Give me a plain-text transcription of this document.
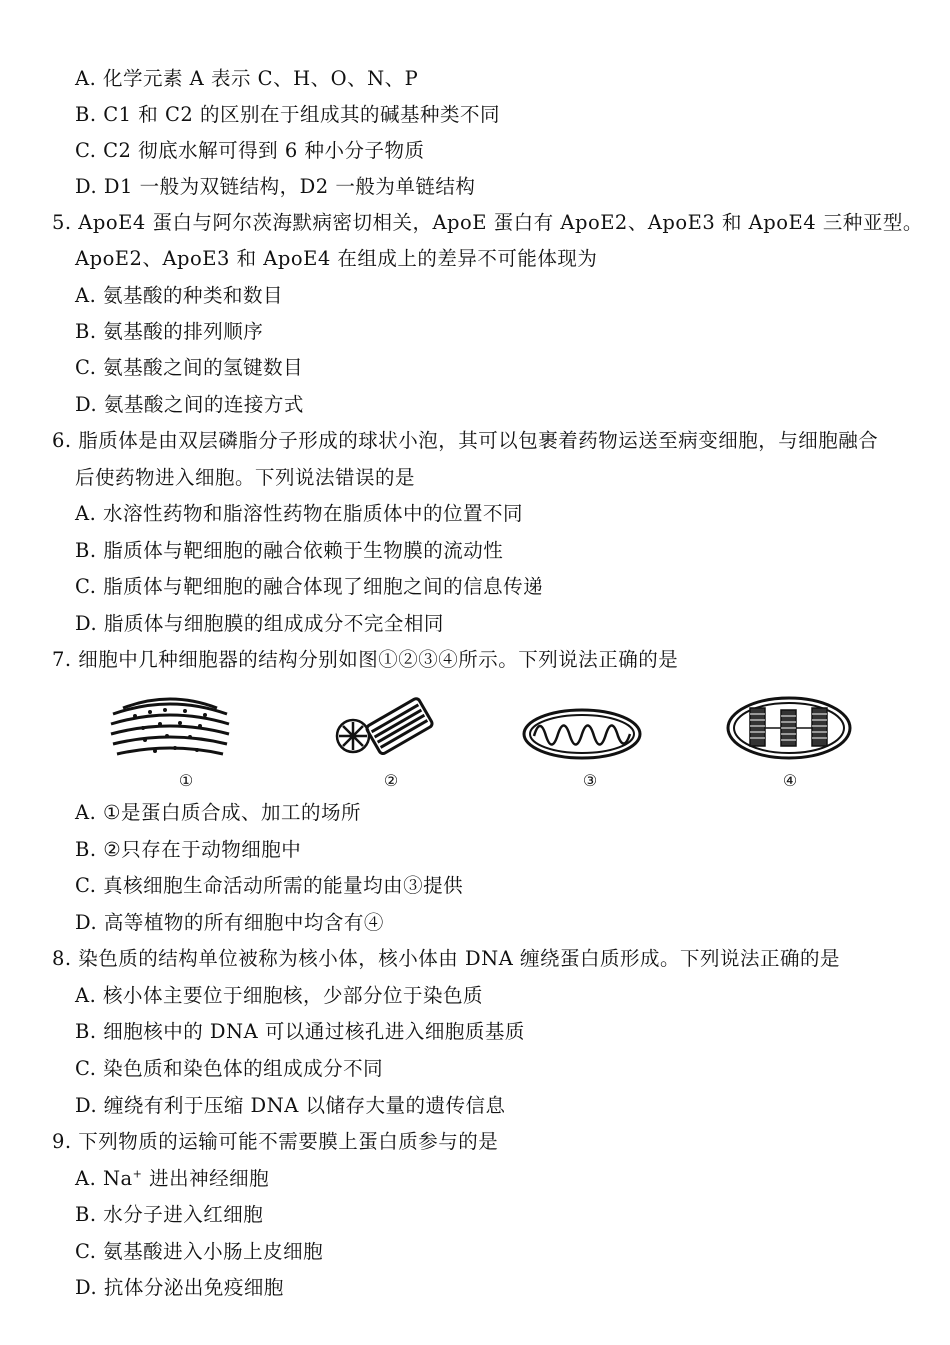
A. 化学元素 A 表示 C、H、O、N、P
B. C1 和 C2 的区别在于组成其的碱基种类不同
C. C2 彻底水解可得到 6 种小分子物质
D. D1 一般为双链结构，D2 一般为单链结构
5. ApoE4 蛋白与阿尔茨海默病密切相关，ApoE 蛋白有 ApoE2、ApoE3 和 ApoE4 三种亚型。
ApoE2、ApoE3 和 ApoE4 在组成上的差异不可能体现为
A. 氨基酸的种类和数目
B. 氨基酸的排列顺序
C. 氨基酸之间的氢键数目
D. 氨基酸之间的连接方式
6. 脂质体是由双层磷脂分子形成的球状小泡，其可以包裹着药物运送至病变细胞，与细胞融合
后使药物进入细胞。下列说法错误的是
A. 水溶性药物和脂溶性药物在脂质体中的位置不同
B. 脂质体与靶细胞的融合依赖于生物膜的流动性
C. 脂质体与靶细胞的融合体现了细胞之间的信息传递
D. 脂质体与细胞膜的组成成分不完全相同
7. 细胞中几种细胞器的结构分别如图①②③④所示。下列说法正确的是
①	②	③	④
A. ①是蛋白质合成、加工的场所
B. ②只存在于动物细胞中
C. 真核细胞生命活动所需的能量均由③提供
D. 高等植物的所有细胞中均含有④
8. 染色质的结构单位被称为核小体，核小体由 DNA 缠绕蛋白质形成。下列说法正确的是
A. 核小体主要位于细胞核，少部分位于染色质
B. 细胞核中的 DNA 可以通过核孔进入细胞质基质
C. 染色质和染色体的组成成分不同
D. 缠绕有利于压缩 DNA 以储存大量的遗传信息
9. 下列物质的运输可能不需要膜上蛋白质参与的是
A. Na+ 进出神经细胞
B. 水分子进入红细胞
C. 氨基酸进入小肠上皮细胞
D. 抗体分泌出免疫细胞
